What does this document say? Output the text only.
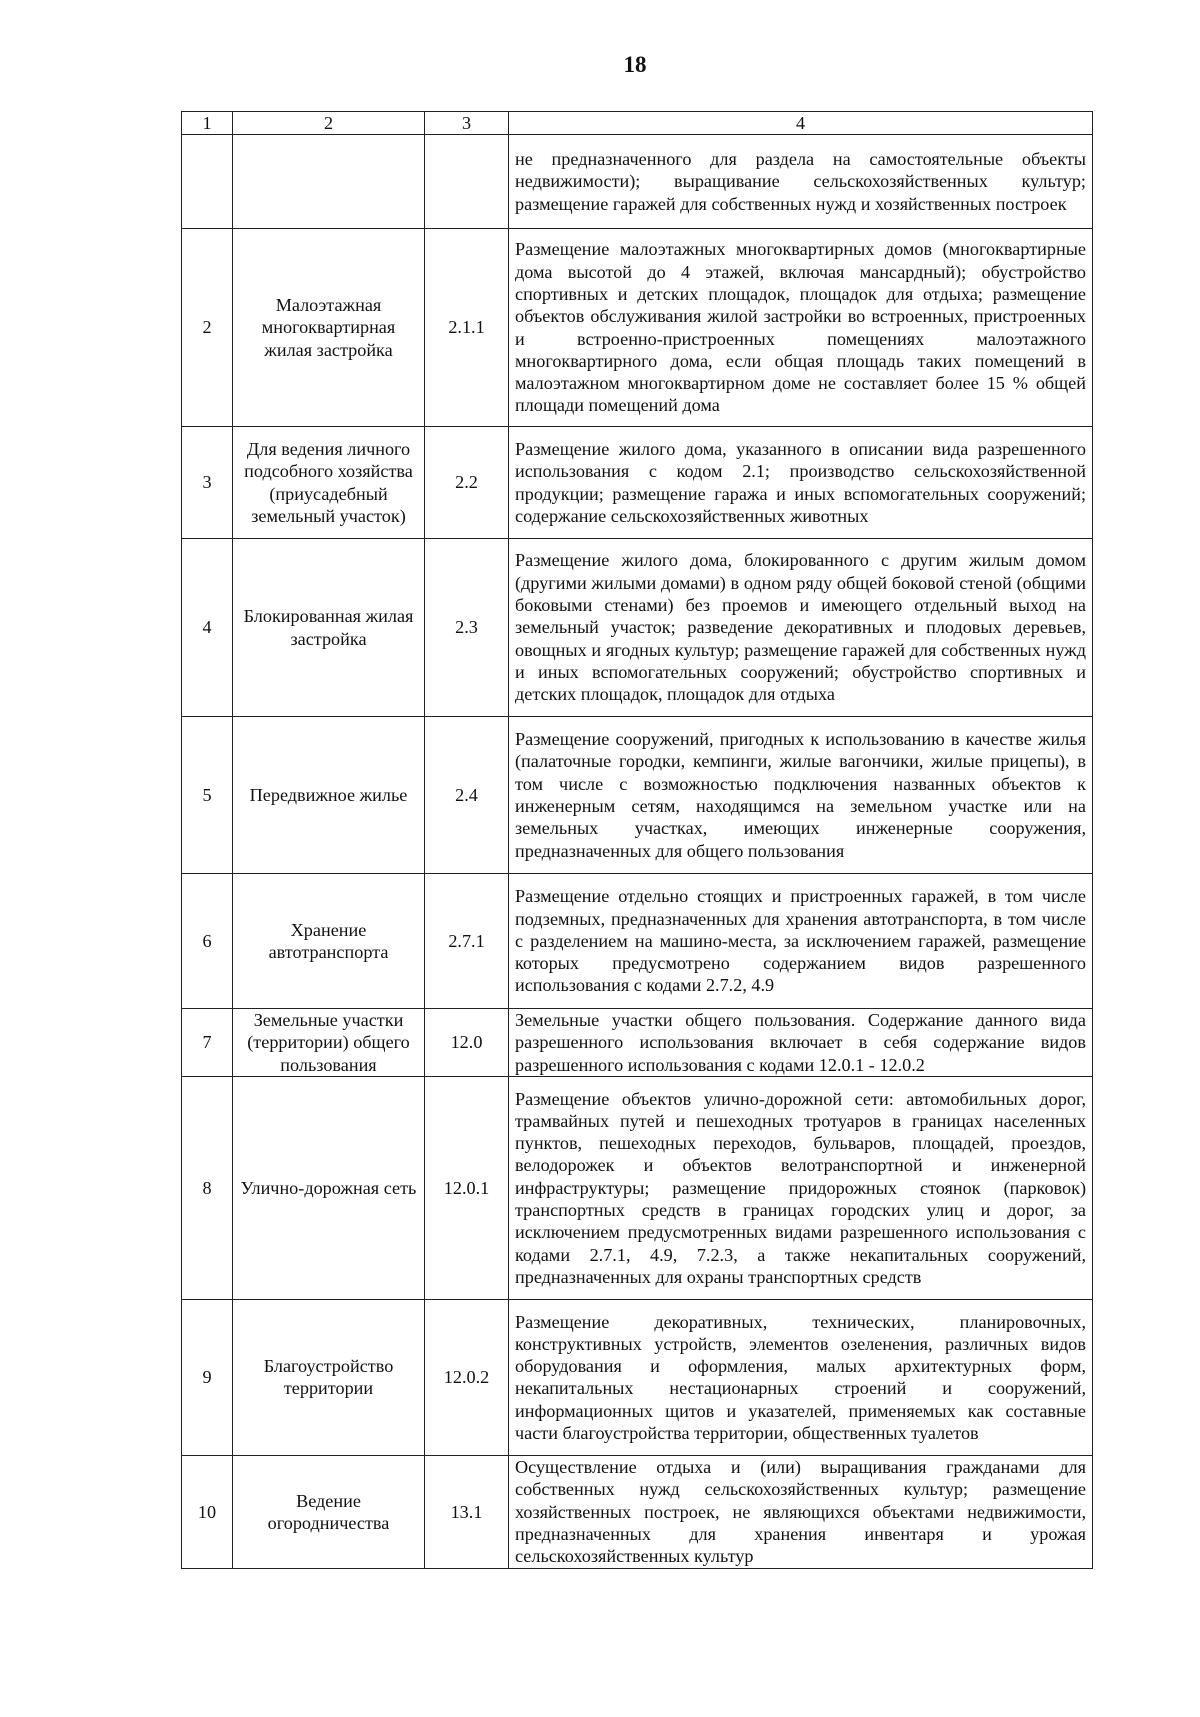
18
1	2	3	4
			не предназначенного для раздела на самостоятельные объекты недвижимости); выращивание сельскохозяйственных культур; размещение гаражей для собственных нужд и хозяйственных построек
2	Малоэтажная многоквартирная жилая застройка	2.1.1	Размещение малоэтажных многоквартирных домов (многоквартирные дома высотой до 4 этажей, включая мансардный); обустройство спортивных и детских площадок, площадок для отдыха; размещение объектов обслуживания жилой застройки во встроенных, пристроенных и встроенно-пристроенных помещениях малоэтажного многоквартирного дома, если общая площадь таких помещений в малоэтажном многоквартирном доме не составляет более 15 % общей площади помещений дома
3	Для ведения личного подсобного хозяйства (приусадебный земельный участок)	2.2	Размещение жилого дома, указанного в описании вида разрешенного использования с кодом 2.1; производство сельскохозяйственной продукции; размещение гаража и иных вспомогательных сооружений; содержание сельскохозяйственных животных
4	Блокированная жилая застройка	2.3	Размещение жилого дома, блокированного с другим жилым домом (другими жилыми домами) в одном ряду общей боковой стеной (общими боковыми стенами) без проемов и имеющего отдельный выход на земельный участок; разведение декоративных и плодовых деревьев, овощных и ягодных культур; размещение гаражей для собственных нужд и иных вспомогательных сооружений; обустройство спортивных и детских площадок, площадок для отдыха
5	Передвижное жилье	2.4	Размещение сооружений, пригодных к использованию в качестве жилья (палаточные городки, кемпинги, жилые вагончики, жилые прицепы), в том числе с возможностью подключения названных объектов к инженерным сетям, находящимся на земельном участке или на земельных участках, имеющих инженерные сооружения, предназначенных для общего пользования
6	Хранение автотранспорта	2.7.1	Размещение отдельно стоящих и пристроенных гаражей, в том числе подземных, предназначенных для хранения автотранспорта, в том числе с разделением на машино-места, за исключением гаражей, размещение которых предусмотрено содержанием видов разрешенного использования с кодами 2.7.2, 4.9
7	Земельные участки (территории) общего пользования	12.0	Земельные участки общего пользования. Содержание данного вида разрешенного использования включает в себя содержание видов разрешенного использования с кодами 12.0.1 - 12.0.2
8	Улично-дорожная сеть	12.0.1	Размещение объектов улично-дорожной сети: автомобильных дорог, трамвайных путей и пешеходных тротуаров в границах населенных пунктов, пешеходных переходов, бульваров, площадей, проездов, велодорожек и объектов велотранспортной и инженерной инфраструктуры; размещение придорожных стоянок (парковок) транспортных средств в границах городских улиц и дорог, за исключением предусмотренных видами разрешенного использования с кодами 2.7.1, 4.9, 7.2.3, а также некапитальных сооружений, предназначенных для охраны транспортных средств
9	Благоустройство территории	12.0.2	Размещение декоративных, технических, планировочных, конструктивных устройств, элементов озеленения, различных видов оборудования и оформления, малых архитектурных форм, некапитальных нестационарных строений и сооружений, информационных щитов и указателей, применяемых как составные части благоустройства территории, общественных туалетов
10	Ведение огородничества	13.1	Осуществление отдыха и (или) выращивания гражданами для собственных нужд сельскохозяйственных культур; размещение хозяйственных построек, не являющихся объектами недвижимости, предназначенных для хранения инвентаря и урожая сельскохозяйственных культур
